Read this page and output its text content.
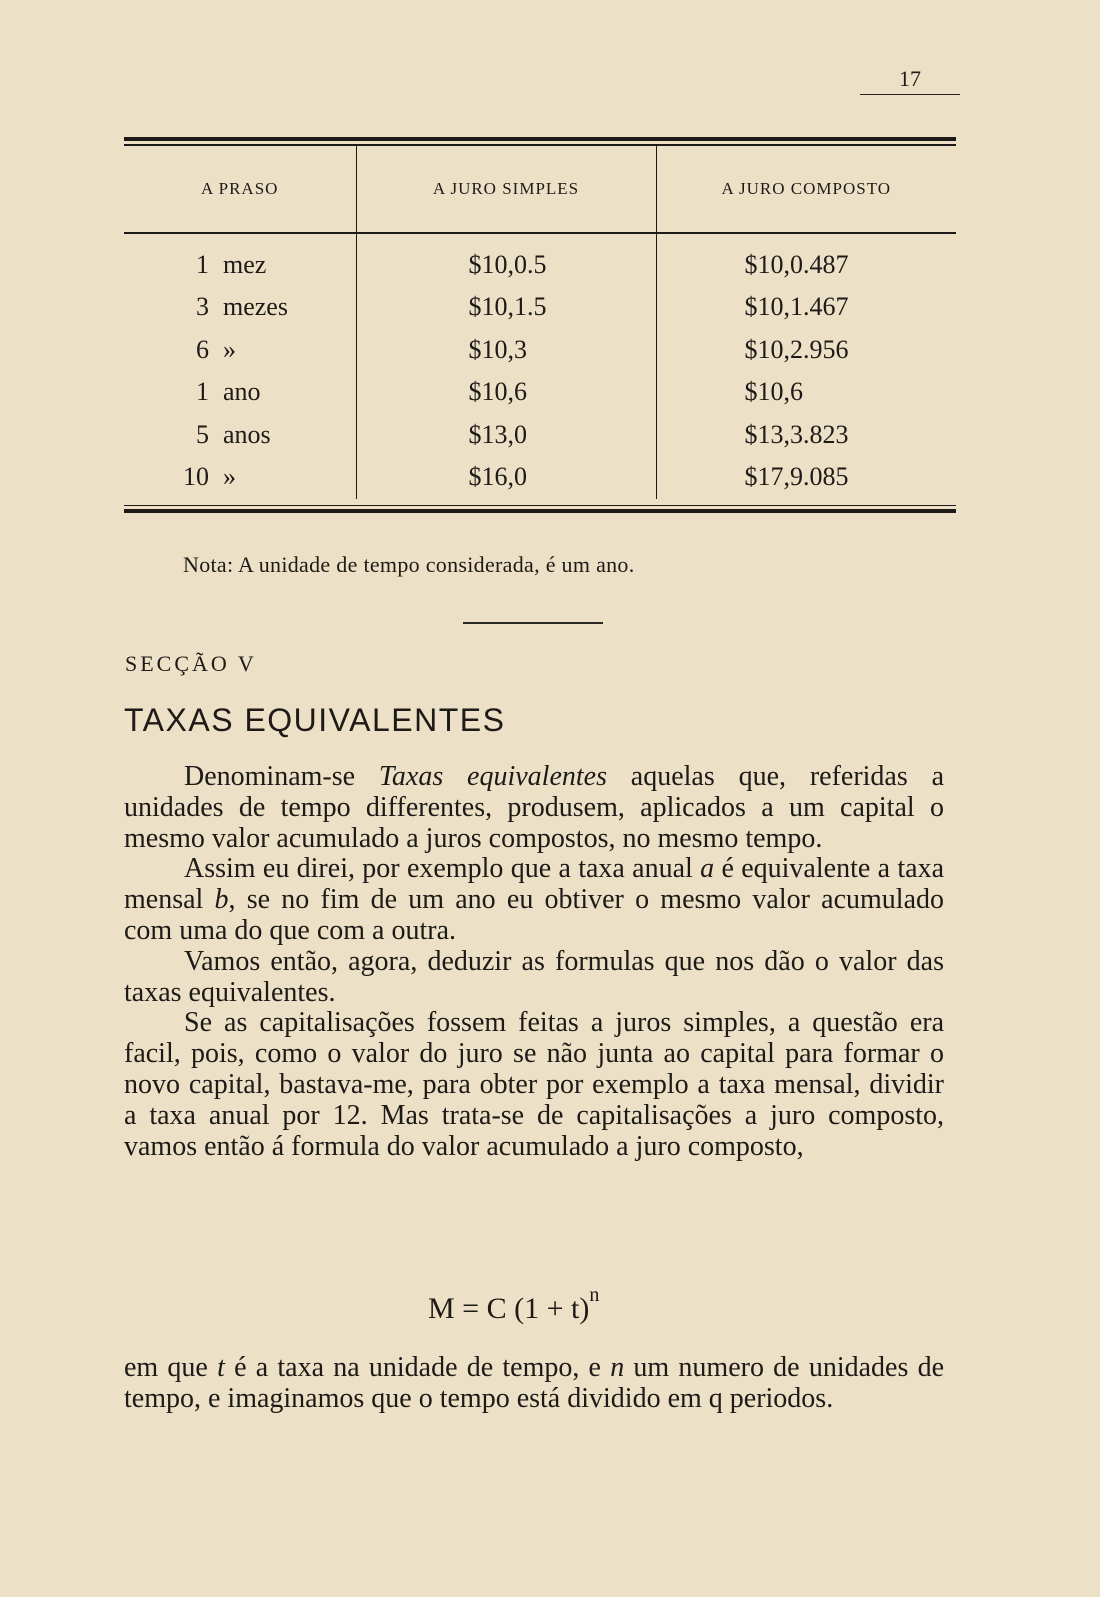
17
A PRASO	A JURO SIMPLES	A JURO COMPOSTO
1 mez	$10,0.5	$10,0.487
3 mezes	$10,1.5	$10,1.467
6 »	$10,3	$10,2.956
1 ano	$10,6	$10,6
5 anos	$13,0	$13,3.823
10 »	$16,0	$17,9.085
Nota: A unidade de tempo considerada, é um ano.
SECÇÃO V
TAXAS EQUIVALENTES

Denominam-se Taxas equivalentes aquelas que, referidas a unidades de tempo differentes, produsem, aplicados a um capital o mesmo valor acumulado a juros compostos, no mesmo tempo.

Assim eu direi, por exemplo que a taxa anual a é equivalente a taxa mensal b, se no fim de um ano eu obtiver o mesmo valor acumulado com uma do que com a outra.

Vamos então, agora, deduzir as formulas que nos dão o valor das taxas equivalentes.

Se as capitalisações fossem feitas a juros simples, a questão era facil, pois, como o valor do juro se não junta ao capital para formar o novo capital, bastava-me, para obter por exemplo a taxa mensal, dividir a taxa anual por 12. Mas trata-se de capitalisações a juro composto, vamos então á formula do valor acumulado a juro composto,

M = C $(1 + t)^n$
em que t é a taxa na unidade de tempo, e n um numero de unidades de tempo, e imaginamos que o tempo está dividido em q periodos.
